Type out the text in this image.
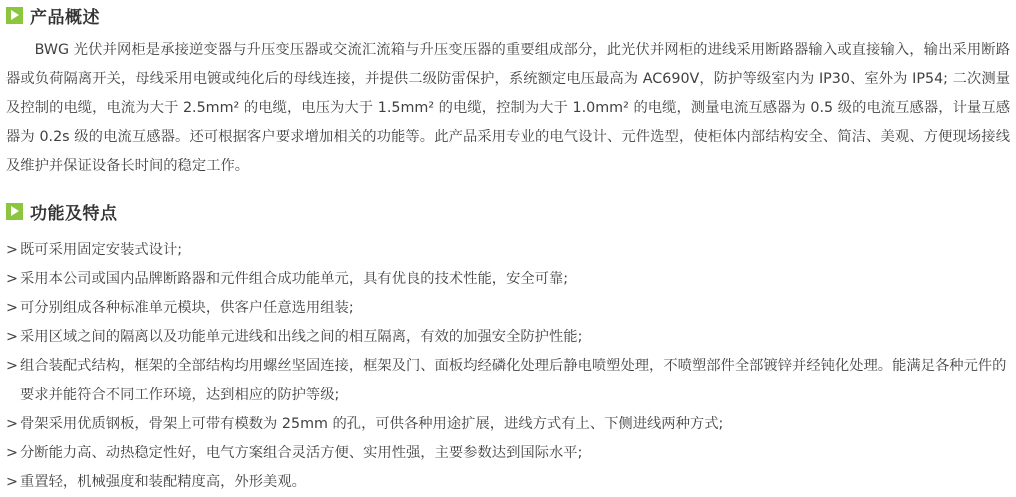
产品概述

BWG 光伏并网柜是承接逆变器与升压变压器或交流汇流箱与升压变压器的重要组成部分，此光伏并网柜的进线采用断路器输入或直接输入，输出采用断路器或负荷隔离开关，母线采用电镀或纯化后的母线连接，并提供二级防雷保护，系统额定电压最高为 AC690V，防护等级室内为 IP30、室外为 IP54; 二次测量及控制的电缆，电流为大于 2.5mm² 的电缆，电压为大于 1.5mm² 的电缆，控制为大于 1.0mm² 的电缆，测量电流互感器为 0.5 级的电流互感器，计量互感器为 0.2s 级的电流互感器。还可根据客户要求增加相关的功能等。此产品采用专业的电气设计、元件选型，使柜体内部结构安全、简洁、美观、方便现场接线及维护并保证设备长时间的稳定工作。

功能及特点
> 既可采用固定安装式设计;
> 采用本公司或国内品牌断路器和元件组合成功能单元，具有优良的技术性能，安全可靠;
> 可分别组成各种标准单元模块，供客户任意选用组装;
> 采用区域之间的隔离以及功能单元进线和出线之间的相互隔离，有效的加强安全防护性能;
> 组合装配式结构，框架的全部结构均用螺丝坚固连接，框架及门、面板均经磷化处理后静电喷塑处理，不喷塑部件全部镀锌并经钝化处理。能满足各种元件的要求并能符合不同工作环境，达到相应的防护等级;
> 骨架采用优质钢板，骨架上可带有模数为 25mm 的孔，可供各种用途扩展，进线方式有上、下侧进线两种方式;
> 分断能力高、动热稳定性好，电气方案组合灵活方便、实用性强，主要参数达到国际水平;
> 重置轻，机械强度和装配精度高，外形美观。
